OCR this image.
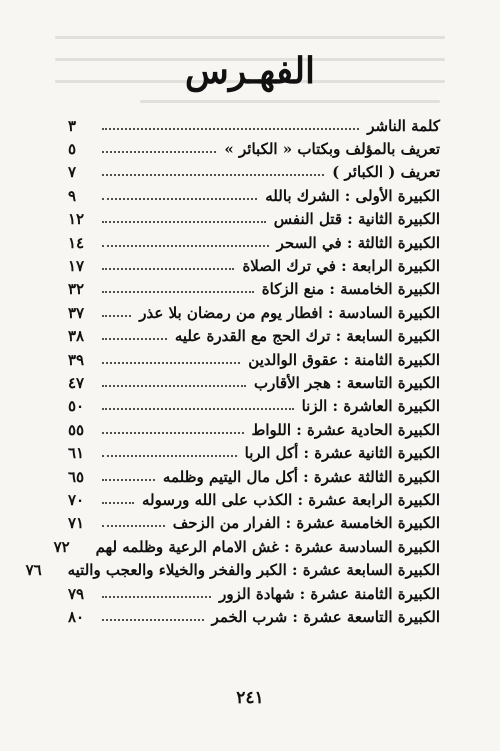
الفهـرس
كلمة الناشر
٣
تعريف بالمؤلف وبكتاب « الكبائر »
٥
تعريف ( الكبائر )
٧
الكبيرة الأولى : الشرك بالله
٩
الكبيرة الثانية : قتل النفس
١٢
الكبيرة الثالثة : في السحر
١٤
الكبيرة الرابعة : في ترك الصلاة
١٧
الكبيرة الخامسة : منع الزكاة
٣٢
الكبيرة السادسة : افطار يوم من رمضان بلا عذر
٣٧
الكبيرة السابعة : ترك الحج مع القدرة عليه
٣٨
الكبيرة الثامنة : عقوق الوالدين
٣٩
الكبيرة التاسعة : هجر الأقارب
٤٧
الكبيرة العاشرة : الزنا
٥٠
الكبيرة الحادية عشرة : اللواط
٥٥
الكبيرة الثانية عشرة : أكل الربا
٦١
الكبيرة الثالثة عشرة : أكل مال اليتيم وظلمه
٦٥
الكبيرة الرابعة عشرة : الكذب على الله ورسوله
٧٠
الكبيرة الخامسة عشرة : الفرار من الزحف
٧١
الكبيرة السادسة عشرة : غش الامام الرعية وظلمه لهم
٧٢
الكبيرة السابعة عشرة : الكبر والفخر والخيلاء والعجب والتيه
٧٦
الكبيرة الثامنة عشرة : شهادة الزور
٧٩
الكبيرة التاسعة عشرة : شرب الخمر
٨٠
٢٤١
